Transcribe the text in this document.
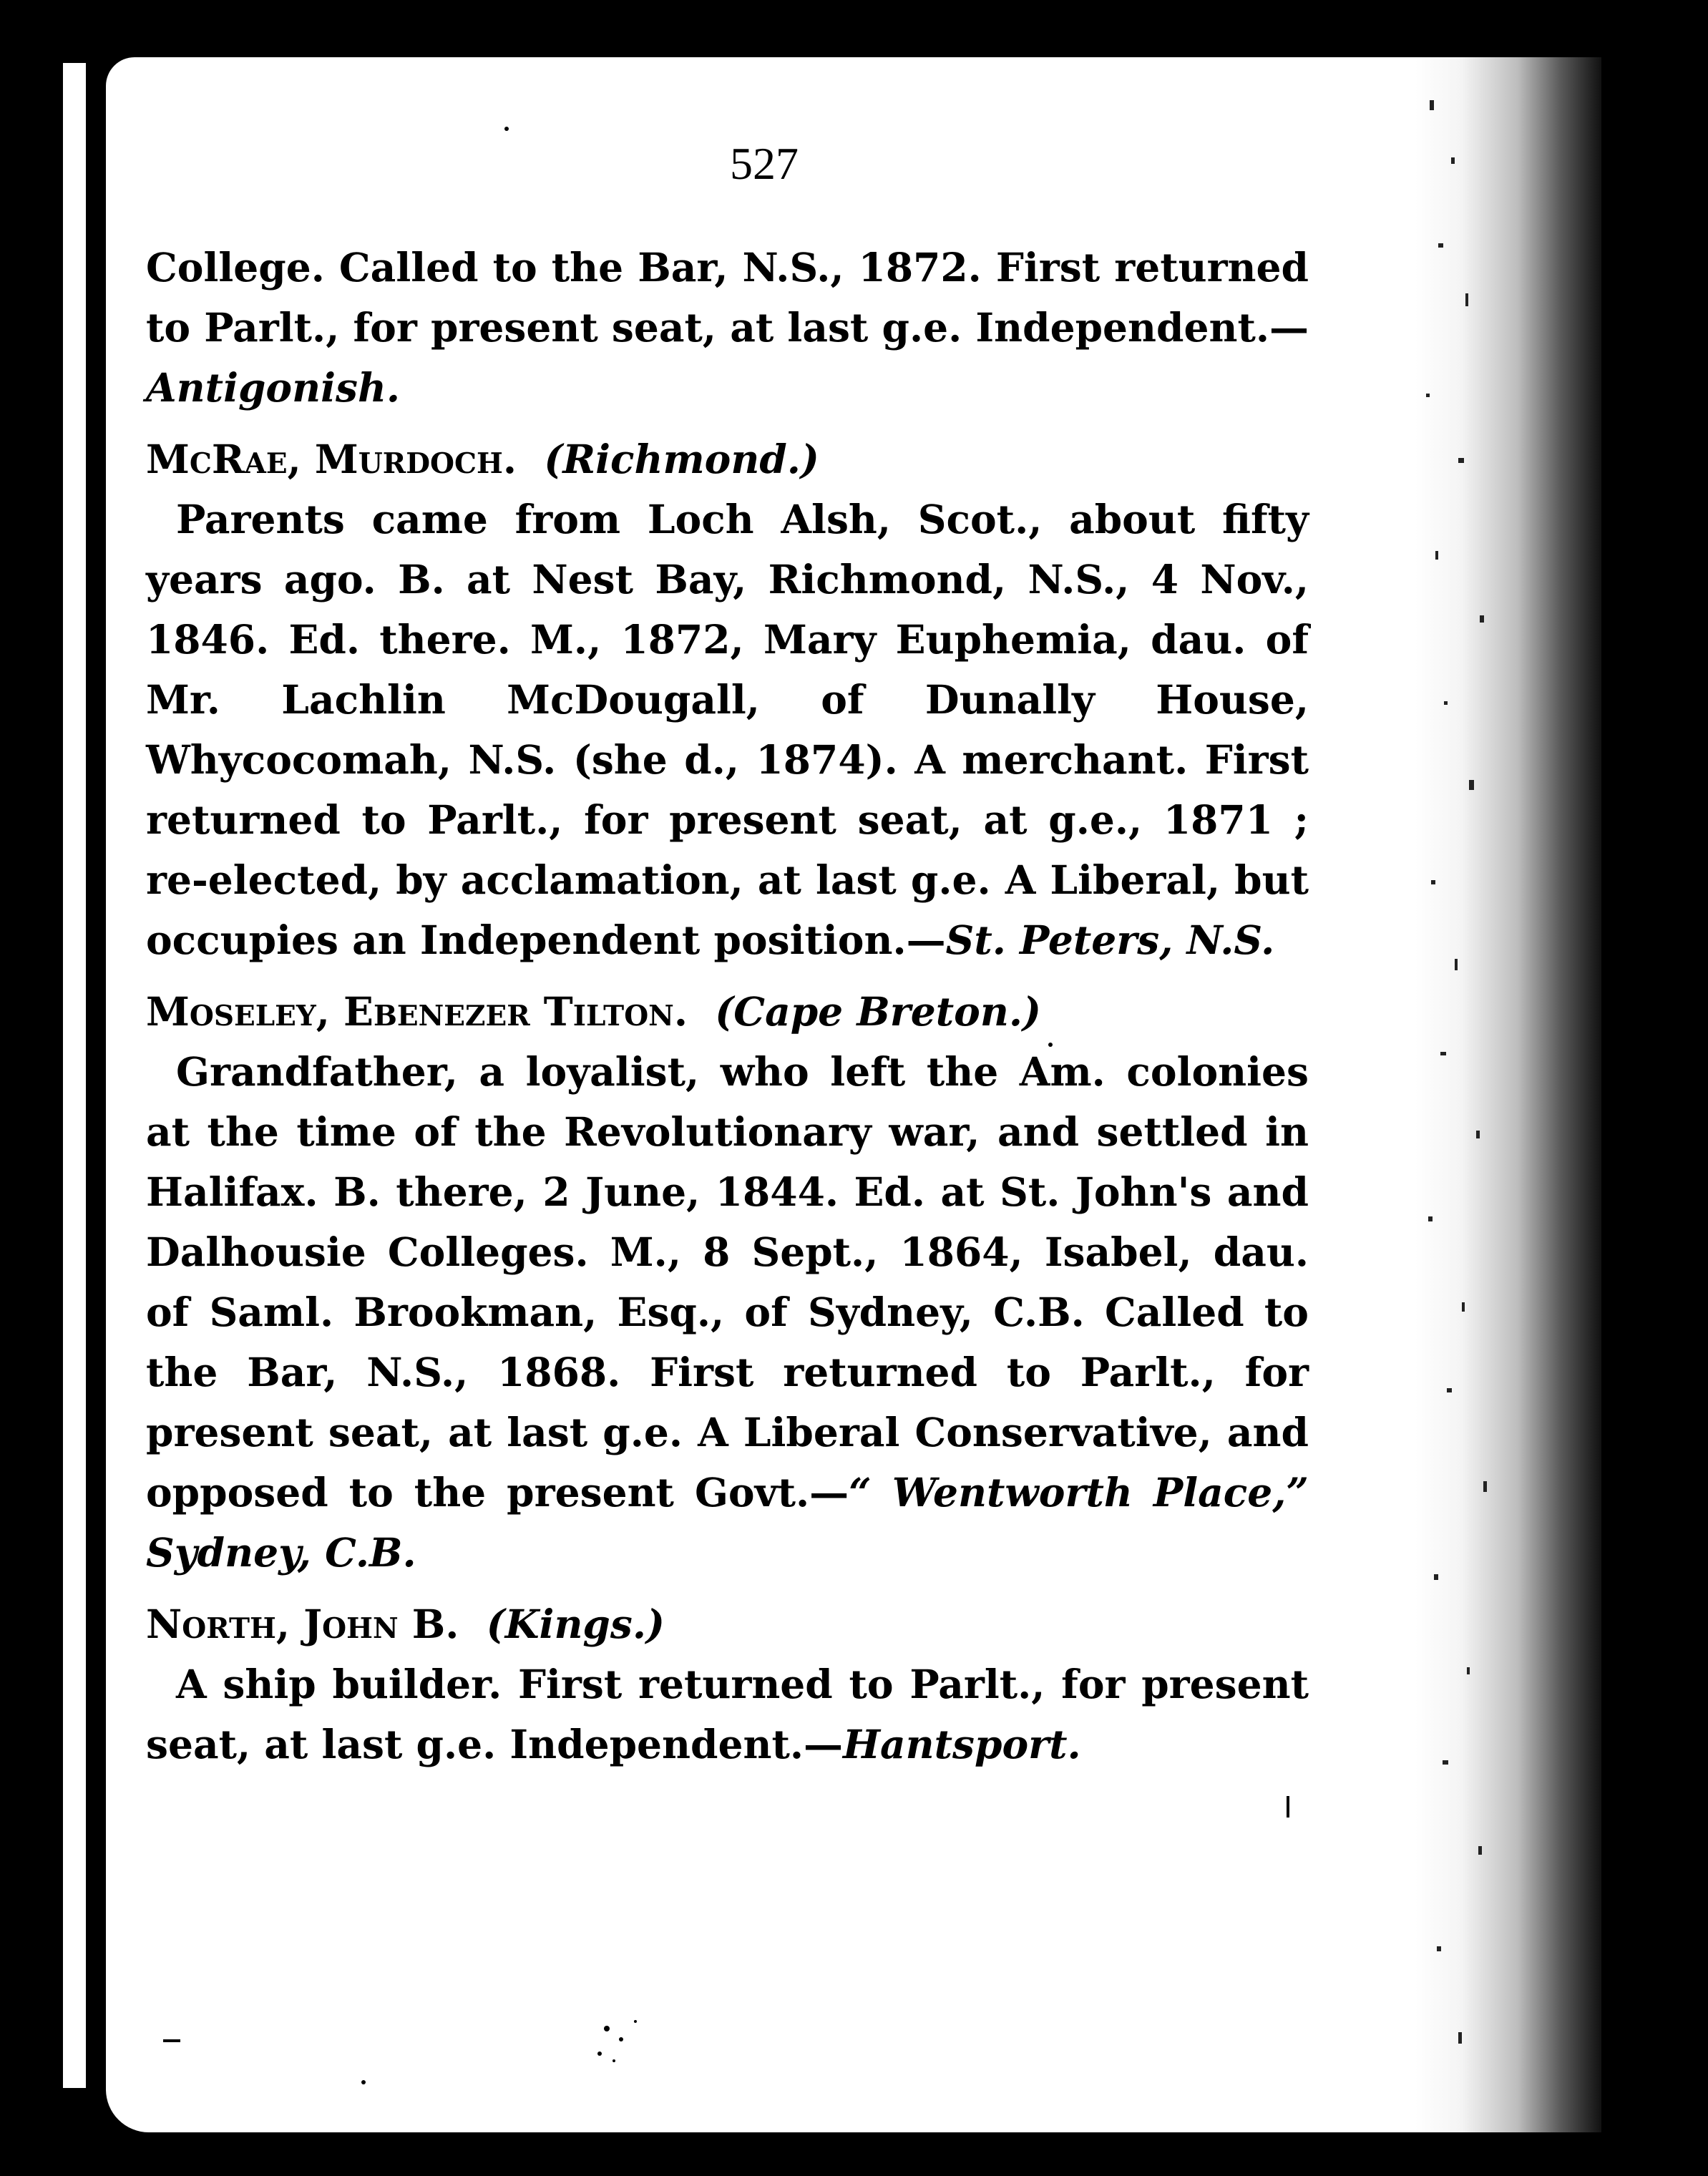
527

College. Called to the Bar, N.S., 1872. First returned to Parlt., for present seat, at last g.e. Independent.—Antigonish.

McRae, Murdoch. (Richmond.)

Parents came from Loch Alsh, Scot., about fifty years ago. B. at Nest Bay, Richmond, N.S., 4 Nov., 1846. Ed. there. M., 1872, Mary Euphemia, dau. of Mr. Lachlin McDougall, of Dunally House, Whycocomah, N.S. (she d., 1874). A merchant. First returned to Parlt., for present seat, at g.e., 1871 ; re-elected, by acclamation, at last g.e. A Liberal, but occupies an Independent position.—St. Peters, N.S.

Moseley, Ebenezer Tilton. (Cape Breton.)

Grandfather, a loyalist, who left the Am. colonies at the time of the Revolutionary war, and settled in Halifax. B. there, 2 June, 1844. Ed. at St. John's and Dalhousie Colleges. M., 8 Sept., 1864, Isabel, dau. of Saml. Brookman, Esq., of Sydney, C.B. Called to the Bar, N.S., 1868. First returned to Parlt., for present seat, at last g.e. A Liberal Conservative, and opposed to the present Govt.—“ Wentworth Place,” Sydney, C.B.

North, John B. (Kings.)

A ship builder. First returned to Parlt., for present seat, at last g.e. Independent.—Hantsport.
